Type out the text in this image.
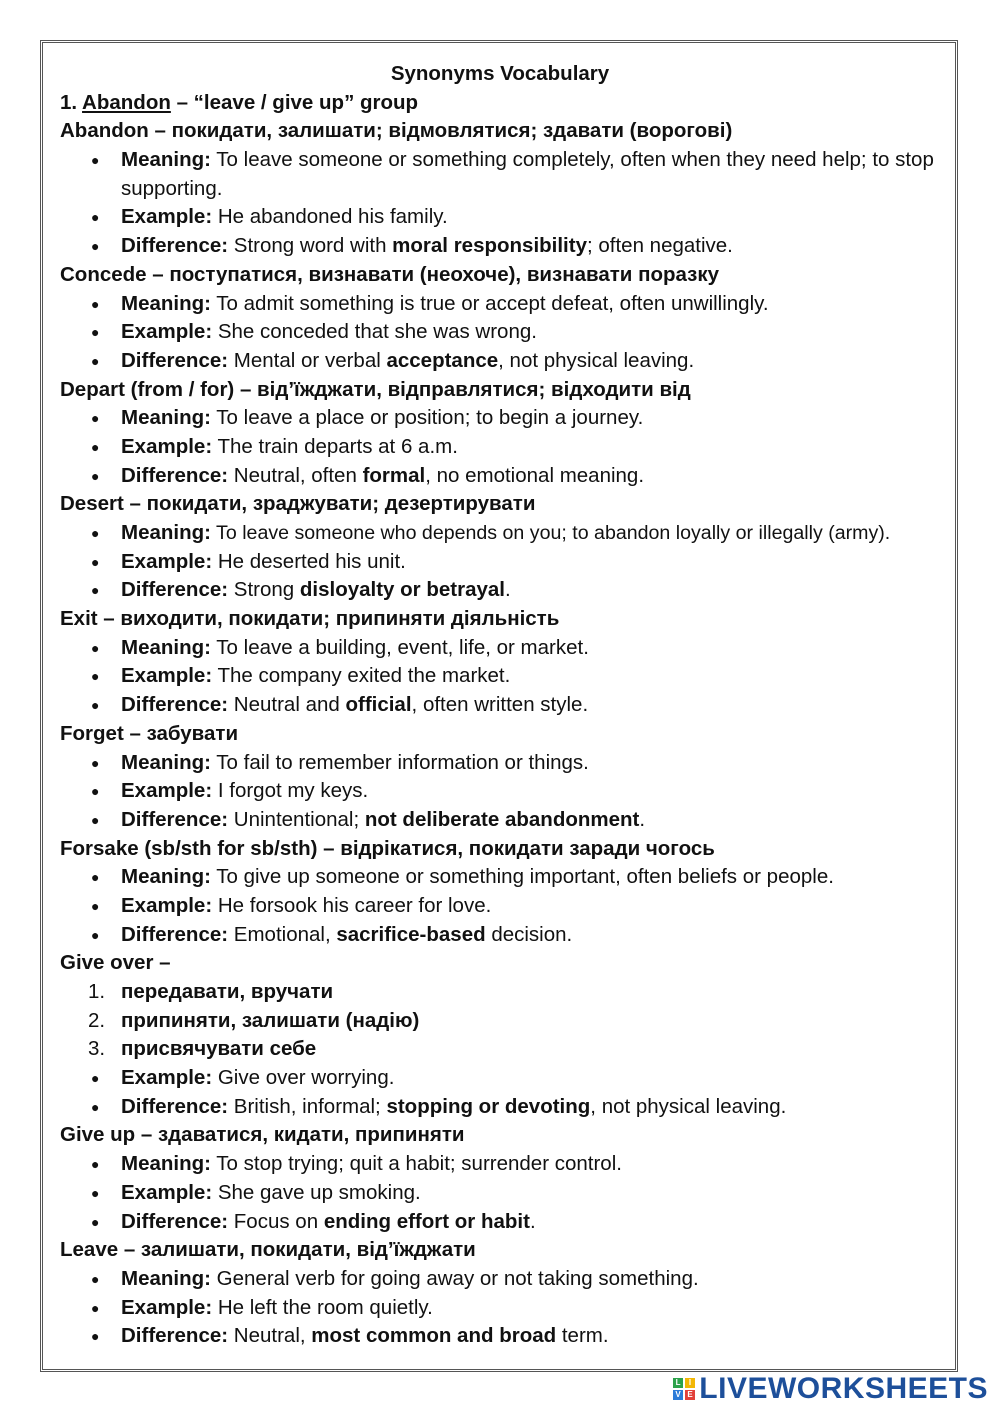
Synonyms Vocabulary
1. Abandon – “leave / give up” group
Abandon – покидати, залишати; відмовлятися; здавати (ворогові)
● Meaning: To leave someone or something completely, often when they need help; to stop supporting.
● Example: He abandoned his family.
● Difference: Strong word with moral responsibility; often negative.
Concede – поступатися, визнавати (неохоче), визнавати поразку
● Meaning: To admit something is true or accept defeat, often unwillingly.
● Example: She conceded that she was wrong.
● Difference: Mental or verbal acceptance, not physical leaving.
Depart (from / for) – від’їжджати, відправлятися; відходити від
● Meaning: To leave a place or position; to begin a journey.
● Example: The train departs at 6 a.m.
● Difference: Neutral, often formal, no emotional meaning.
Desert – покидати, зраджувати; дезертирувати
● Meaning: To leave someone who depends on you; to abandon loyally or illegally (army).
● Example: He deserted his unit.
● Difference: Strong disloyalty or betrayal.
Exit – виходити, покидати; припиняти діяльність
● Meaning: To leave a building, event, life, or market.
● Example: The company exited the market.
● Difference: Neutral and official, often written style.
Forget – забувати
● Meaning: To fail to remember information or things.
● Example: I forgot my keys.
● Difference: Unintentional; not deliberate abandonment.
Forsake (sb/sth for sb/sth) – відрікатися, покидати заради чогось
● Meaning: To give up someone or something important, often beliefs or people.
● Example: He forsook his career for love.
● Difference: Emotional, sacrifice-based decision.
Give over –
1. передавати, вручати
2. припиняти, залишати (надію)
3. присвячувати себе
● Example: Give over worrying.
● Difference: British, informal; stopping or devoting, not physical leaving.
Give up – здаватися, кидати, припиняти
● Meaning: To stop trying; quit a habit; surrender control.
● Example: She gave up smoking.
● Difference: Focus on ending effort or habit.
Leave – залишати, покидати, від’їжджати
● Meaning: General verb for going away or not taking something.
● Example: He left the room quietly.
● Difference: Neutral, most common and broad term.
L I
V E LIVEWORKSHEETS
